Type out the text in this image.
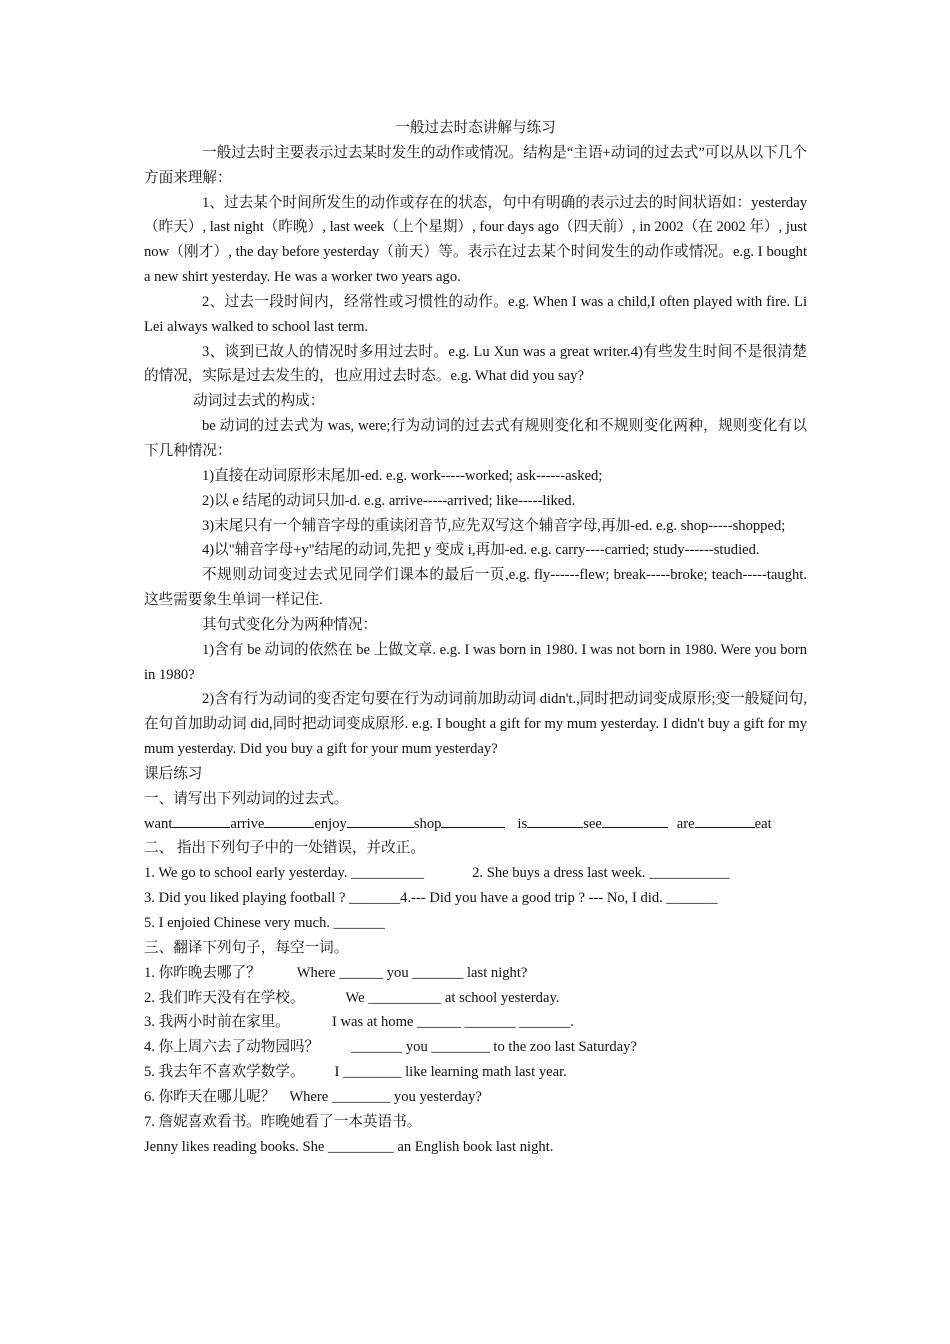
一般过去时态讲解与练习

一般过去时主要表示过去某时发生的动作或情况。结构是“主语+动词的过去式”可以从以下几个方面来理解：

1、过去某个时间所发生的动作或存在的状态，句中有明确的表示过去的时间状语如：yesterday（昨天）, last night（昨晚）, last week（上个星期）, four days ago（四天前）, in 2002（在 2002 年）, just now（刚才）, the day before yesterday（前天）等。表示在过去某个时间发生的动作或情况。e.g. I bought a new shirt yesterday. He was a worker two years ago.

2、过去一段时间内，经常性或习惯性的动作。e.g. When I was a child,I often played with fire. Li Lei always walked to school last term.

3、谈到已故人的情况时多用过去时。e.g. Lu Xun was a great writer.4)有些发生时间不是很清楚的情况，实际是过去发生的，也应用过去时态。e.g. What did you say?

动词过去式的构成：

be 动词的过去式为 was, were;行为动词的过去式有规则变化和不规则变化两种，规则变化有以下几种情况：

1)直接在动词原形末尾加-ed. e.g. work-----worked; ask------asked;

2)以 e 结尾的动词只加-d. e.g. arrive-----arrived; like-----liked.

3)末尾只有一个辅音字母的重读闭音节,应先双写这个辅音字母,再加-ed. e.g. shop-----shopped;

4)以"辅音字母+y"结尾的动词,先把 y 变成 i,再加-ed. e.g. carry----carried; study------studied.

不规则动词变过去式见同学们课本的最后一页,e.g. fly------flew; break-----broke; teach-----taught. 这些需要象生单词一样记住.

其句式变化分为两种情况：

1)含有 be 动词的依然在 be 上做文章. e.g. I was born in 1980. I was not born in 1980. Were you born in 1980?

2)含有行为动词的变否定句要在行为动词前加助动词 didn't.,同时把动词变成原形;变一般疑问句,在句首加助动词 did,同时把动词变成原形. e.g. I bought a gift for my mum yesterday. I didn't buy a gift for my mum yesterday. Did you buy a gift for your mum yesterday?

课后练习

一、请写出下列动词的过去式。

want	arrive	enjoy	shop	is	see	are	eat

二、 指出下列句子中的一处错误，并改正。

1. We go to school early yesterday. __________	2. She buys a dress last week. ___________

3. Did you liked playing football ? _______4.--- Did you have a good trip ? --- No, I did. _______

5. I enjoied Chinese very much. _______

三、翻译下列句子，每空一词。

1. 你昨晚去哪了？ Where ______ you _______ last night?

2. 我们昨天没有在学校。	We __________ at school yesterday.

3. 我两小时前在家里。	I was at home ______ _______ _______.

4. 你上周六去了动物园吗？ _______ you ________ to the zoo last Saturday?

5. 我去年不喜欢学数学。 I ________ like learning math last year.

6. 你昨天在哪儿呢？ Where ________ you yesterday?

7. 詹妮喜欢看书。昨晚她看了一本英语书。

Jenny likes reading books. She _________ an English book last night.
